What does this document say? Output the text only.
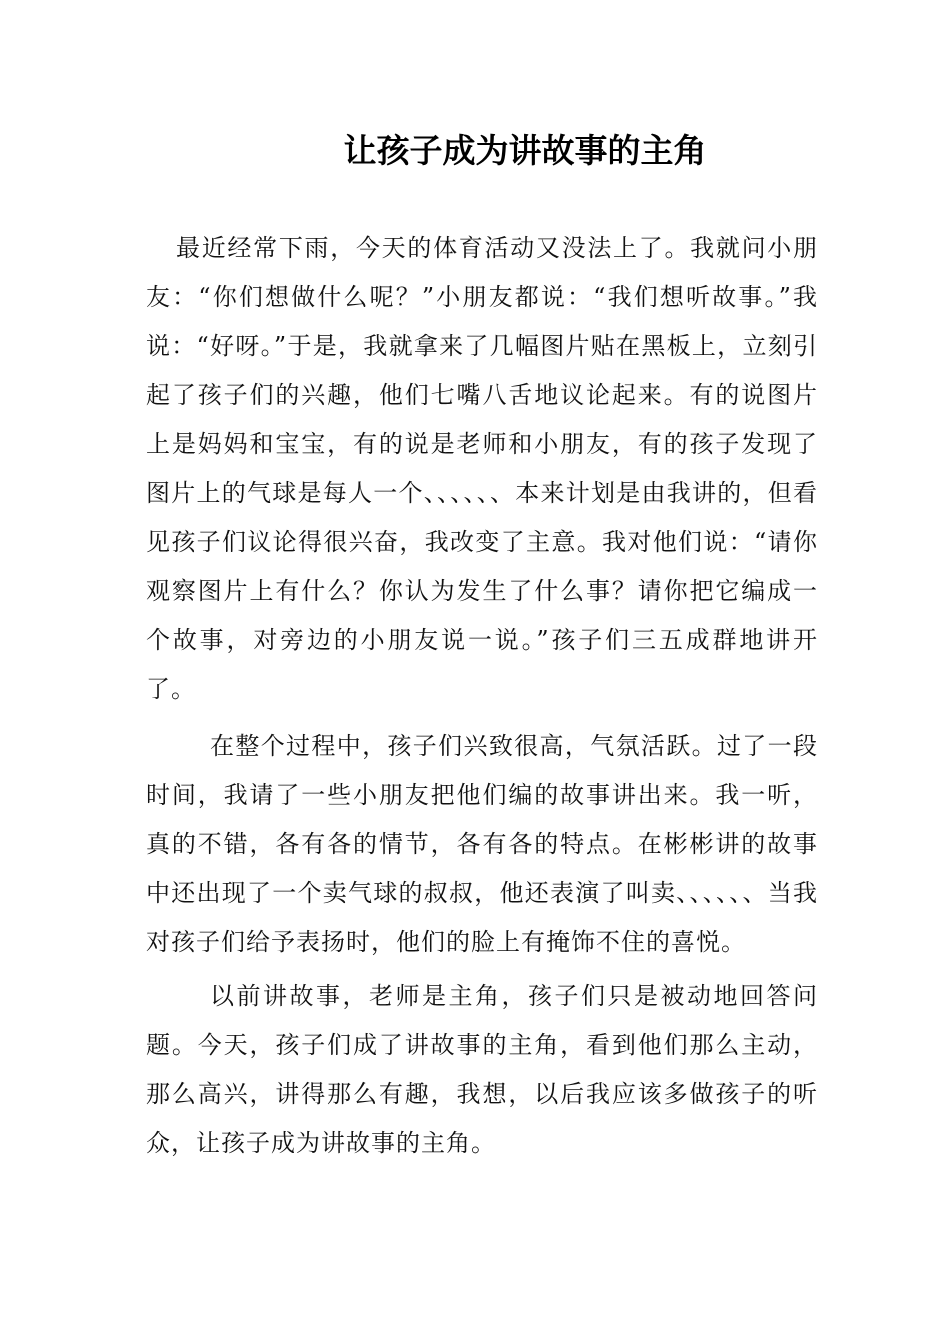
让孩子成为讲故事的主角

最近经常下雨，今天的体育活动又没法上了。我就问小朋友：“你们想做什么呢？”小朋友都说：“我们想听故事。”我说：“好呀。”于是，我就拿来了几幅图片贴在黑板上，立刻引起了孩子们的兴趣，他们七嘴八舌地议论起来。有的说图片上是妈妈和宝宝，有的说是老师和小朋友，有的孩子发现了图片上的气球是每人一个、、、、、、本来计划是由我讲的，但看见孩子们议论得很兴奋，我改变了主意。我对他们说：“请你观察图片上有什么？你认为发生了什么事？请你把它编成一个故事，对旁边的小朋友说一说。”孩子们三五成群地讲开了。

在整个过程中，孩子们兴致很高，气氛活跃。过了一段时间，我请了一些小朋友把他们编的故事讲出来。我一听，真的不错，各有各的情节，各有各的特点。在彬彬讲的故事中还出现了一个卖气球的叔叔，他还表演了叫卖、、、、、、当我对孩子们给予表扬时，他们的脸上有掩饰不住的喜悦。

以前讲故事，老师是主角，孩子们只是被动地回答问题。今天，孩子们成了讲故事的主角，看到他们那么主动，那么高兴，讲得那么有趣，我想，以后我应该多做孩子的听众，让孩子成为讲故事的主角。
